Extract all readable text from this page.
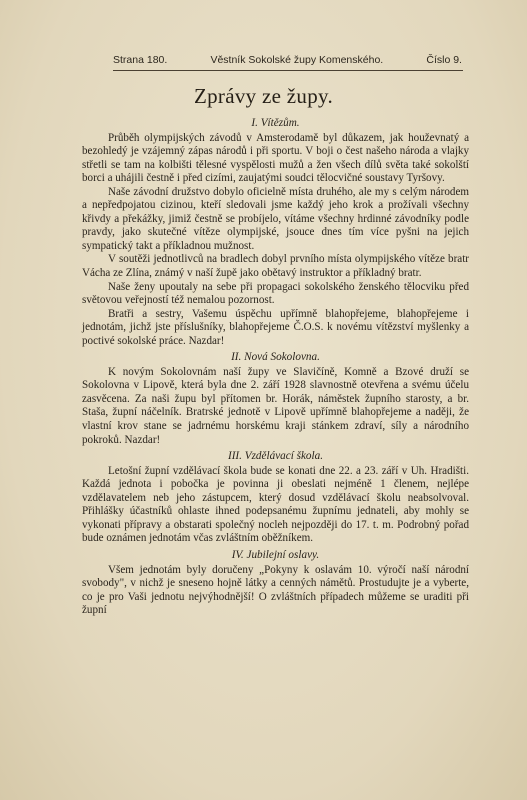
Strana 180.	Věstník Sokolské župy Komenského.	Číslo 9.
Zprávy ze župy.

I. Vítězům.

Průběh olympijských závodů v Amsterodamě byl důkazem, jak houževnatý a bezohledý je vzájemný zápas národů i při sportu. V boji o čest našeho národa a vlajky střetli se tam na kolbišti tělesné vyspělosti mužů a žen všech dílů světa také sokolští borci a uhájili čestně i před cizími, zaujatými soudci tělocvičné soustavy Tyršovy.

Naše závodní družstvo dobylo oficielně místa druhého, ale my s celým národem a nepředpojatou cizinou, kteří sledovali jsme každý jeho krok a prožívali všechny křivdy a překážky, jimiž čestně se probíjelo, vítáme všechny hrdinné závodníky podle pravdy, jako skutečné vítěze olympijské, jsouce dnes tím více pyšni na jejich sympatický takt a příkladnou mužnost.

V soutěži jednotlivců na bradlech dobyl prvního místa olympijského vítěze bratr Vácha ze Zlína, známý v naší župě jako obětavý instruktor a příkladný bratr.

Naše ženy upoutaly na sebe při propagaci sokolského ženského tělocviku před světovou veřejností též nemalou pozornost.

Bratři a sestry, Vašemu úspěchu upřímně blahopřejeme, blahopřejeme i jednotám, jichž jste příslušníky, blahopřejeme Č.O.S. k novému vítězství myšlenky a poctivé sokolské práce. Nazdar!

II. Nová Sokolovna.

K novým Sokolovnám naší župy ve Slavičíně, Komně a Bzové druží se Sokolovna v Lipově, která byla dne 2. září 1928 slavnostně otevřena a svému účelu zasvěcena. Za naši župu byl přítomen br. Horák, náměstek župního starosty, a br. Staša, župní náčelník. Bratrské jednotě v Lipově upřímně blahopřejeme a naději, že vlastní krov stane se jadrnému horskému kraji stánkem zdraví, síly a národního pokroků. Nazdar!

III. Vzdělávací škola.

Letošní župní vzdělávací škola bude se konati dne 22. a 23. září v Uh. Hradišti. Každá jednota i pobočka je povinna ji obeslati nejméně 1 členem, nejlépe vzdělavatelem neb jeho zástupcem, který dosud vzdělávací školu neabsolvoval. Přihlášky účastníků ohlaste ihned podepsanému župnímu jednateli, aby mohly se vykonati přípravy a obstarati společný nocleh nejpozději do 17. t. m. Podrobný pořad bude oznámen jednotám včas zvláštním oběžníkem.

IV. Jubilejní oslavy.

Všem jednotám byly doručeny „Pokyny k oslavám 10. výročí naší národní svobody", v nichž je sneseno hojně látky a cenných námětů. Prostudujte je a vyberte, co je pro Vaši jednotu nejvýhodnější! O zvláštních případech můžeme se uraditi při župní
